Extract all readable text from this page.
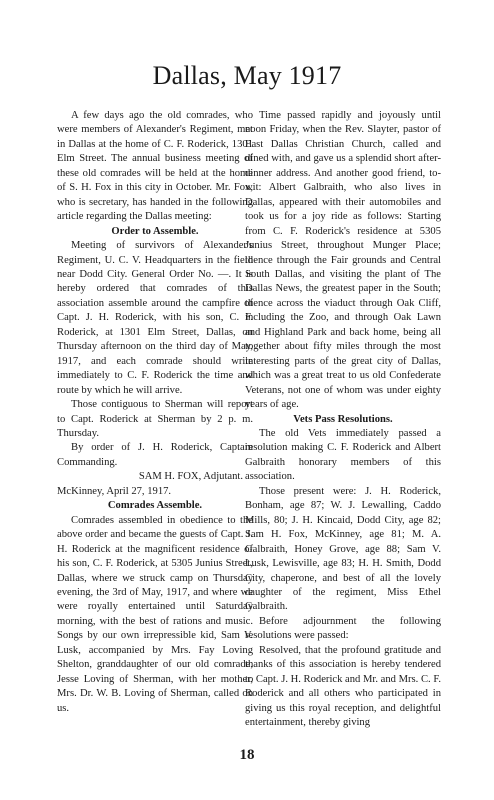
Dallas, May 1917

A few days ago the old comrades, who were members of Alexander's Regiment, met in Dallas at the home of C. F. Roderick, 1301 Elm Street. The annual business meeting of these old comrades will be held at the home of S. H. Fox in this city in October. Mr. Fox, who is secretary, has handed in the following article regarding the Dallas meeting:

Order to Assemble.

Meeting of survivors of Alexander's Regiment, U. C. V. Headquarters in the field near Dodd City. General Order No. —. It is hereby ordered that comrades of this association assemble around the campfire of Capt. J. H. Roderick, with his son, C. F. Roderick, at 1301 Elm Street, Dallas, on Thursday afternoon on the third day of May, 1917, and each comrade should write immediately to C. F. Roderick the time and route by which he will arrive.

Those contiguous to Sherman will report to Capt. Roderick at Sherman by 2 p. m. Thursday.

By order of J. H. Roderick, Captain Commanding.

SAM H. FOX, Adjutant.

McKinney, April 27, 1917.

Comrades Assemble.

Comrades assembled in obedience to the above order and became the guests of Capt. J. H. Roderick at the magnificent residence of his son, C. F. Roderick, at 5305 Junius Street, Dallas, where we struck camp on Thursday evening, the 3rd of May, 1917, and where we were royally entertained until Saturday morning, with the best of rations and music. Songs by our own irrepressible kid, Sam V. Lusk, accompanied by Mrs. Fay Loving Shelton, granddaughter of our old comrade, Jesse Loving of Sherman, with her mother, Mrs. Dr. W. B. Loving of Sherman, called on us.

Time passed rapidly and joyously until noon Friday, when the Rev. Slayter, pastor of East Dallas Christian Church, called and dined with, and gave us a splendid short after-dinner address. And another good friend, to-wit: Albert Galbraith, who also lives in Dallas, appeared with their automobiles and took us for a joy ride as follows: Starting from C. F. Roderick's residence at 5305 Junius Street, throughout Munger Place; thence through the Fair grounds and Central South Dallas, and visiting the plant of The Dallas News, the greatest paper in the South; thence across the viaduct through Oak Cliff, including the Zoo, and through Oak Lawn and Highland Park and back home, being all together about fifty miles through the most interesting parts of the great city of Dallas, which was a great treat to us old Confederate Veterans, not one of whom was under eighty years of age.

Vets Pass Resolutions.

The old Vets immediately passed a resolution making C. F. Roderick and Albert Galbraith honorary members of this association.

Those present were: J. H. Roderick, Bonham, age 87; W. J. Lewalling, Caddo Mills, 80; J. H. Kincaid, Dodd City, age 82; Sam H. Fox, McKinney, age 81; M. A. Galbraith, Honey Grove, age 88; Sam V. Lusk, Lewisville, age 83; H. H. Smith, Dodd City, chaperone, and best of all the lovely daughter of the regiment, Miss Ethel Galbraith.

Before adjournment the following resolutions were passed:

Resolved, that the profound gratitude and thanks of this association is hereby tendered to Capt. J. H. Roderick and Mr. and Mrs. C. F. Roderick and all others who participated in giving us this royal reception, and delightful entertainment, thereby giving

18
